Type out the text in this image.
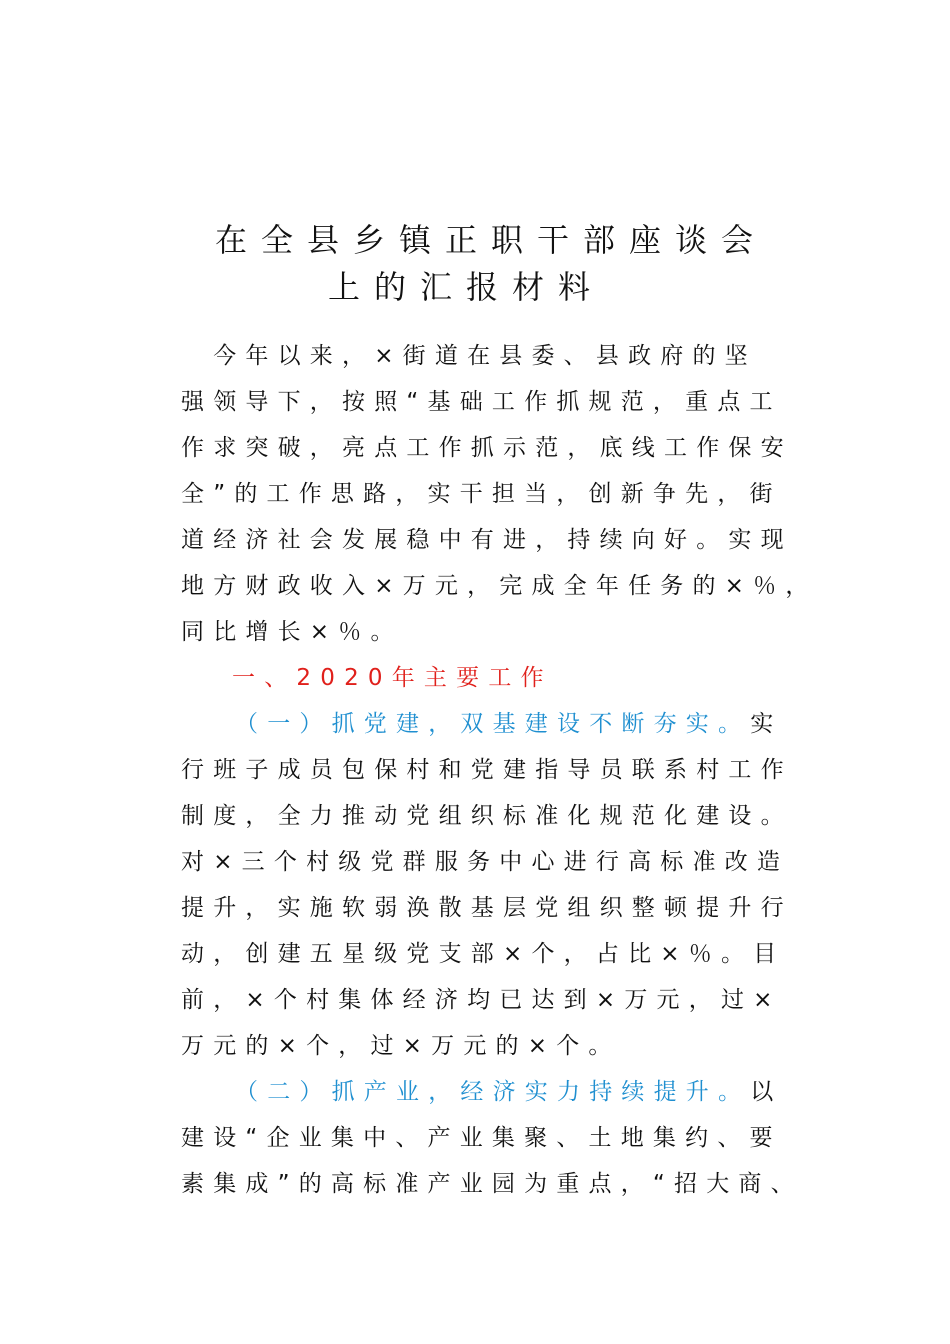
在全县乡镇正职干部座谈会
上的汇报材料
　今年以来，×街道在县委、县政府的坚
强领导下，按照“基础工作抓规范，重点工
作求突破，亮点工作抓示范，底线工作保安
全”的工作思路，实干担当，创新争先，街
道经济社会发展稳中有进，持续向好。实现
地方财政收入×万元，完成全年任务的×％，
同比增长×％。
一、2020年主要工作
（一）抓党建，双基建设不断夯实。实
行班子成员包保村和党建指导员联系村工作
制度，全力推动党组织标准化规范化建设。
对×三个村级党群服务中心进行高标准改造
提升，实施软弱涣散基层党组织整顿提升行
动，创建五星级党支部×个，占比×％。目
前，×个村集体经济均已达到×万元，过×
万元的×个，过×万元的×个。
（二）抓产业，经济实力持续提升。以
建设“企业集中、产业集聚、土地集约、要
素集成”的高标准产业园为重点，“招大商、
